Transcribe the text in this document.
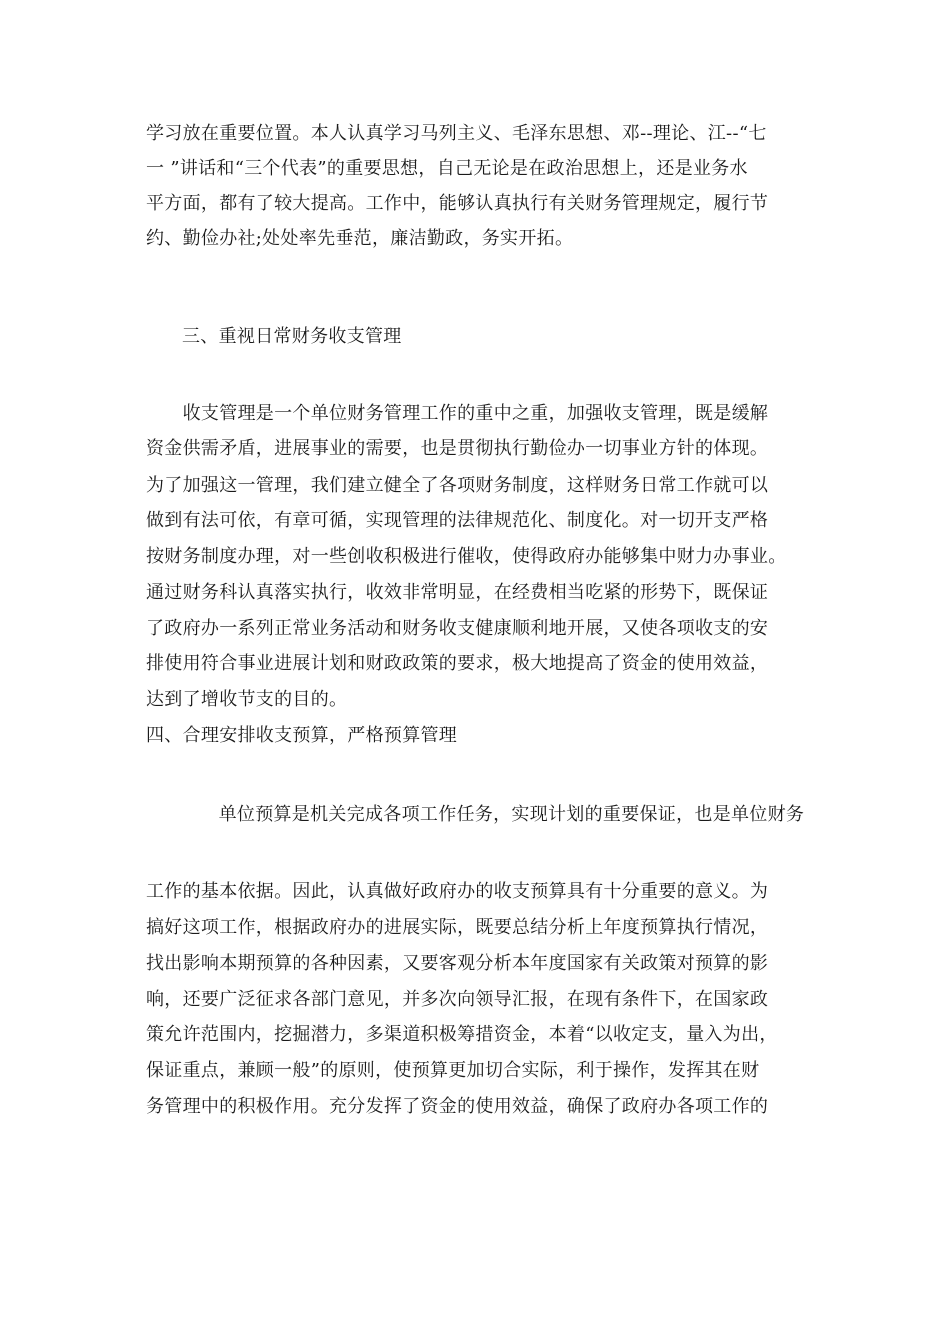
学习放在重要位置。本人认真学习马列主义、毛泽东思想、邓--理论、江--“七
一 ”讲话和“三个代表”的重要思想，自己无论是在政治思想上，还是业务水
平方面，都有了较大提高。工作中，能够认真执行有关财务管理规定，履行节
约、勤俭办社;处处率先垂范，廉洁勤政，务实开拓。
三、重视日常财务收支管理
　　收支管理是一个单位财务管理工作的重中之重，加强收支管理，既是缓解
资金供需矛盾，进展事业的需要，也是贯彻执行勤俭办一切事业方针的体现。
为了加强这一管理，我们建立健全了各项财务制度，这样财务日常工作就可以
做到有法可依，有章可循，实现管理的法律规范化、制度化。对一切开支严格
按财务制度办理，对一些创收积极进行催收，使得政府办能够集中财力办事业。
通过财务科认真落实执行，收效非常明显，在经费相当吃紧的形势下，既保证
了政府办一系列正常业务活动和财务收支健康顺利地开展，又使各项收支的安
排使用符合事业进展计划和财政政策的要求，极大地提高了资金的使用效益，
达到了增收节支的目的。
四、合理安排收支预算，严格预算管理
　　单位预算是机关完成各项工作任务，实现计划的重要保证，也是单位财务
工作的基本依据。因此，认真做好政府办的收支预算具有十分重要的意义。为
搞好这项工作，根据政府办的进展实际，既要总结分析上年度预算执行情况，
找出影响本期预算的各种因素，又要客观分析本年度国家有关政策对预算的影
响，还要广泛征求各部门意见，并多次向领导汇报，在现有条件下，在国家政
策允许范围内，挖掘潜力，多渠道积极筹措资金，本着“以收定支，量入为出，
保证重点，兼顾一般”的原则，使预算更加切合实际，利于操作，发挥其在财
务管理中的积极作用。充分发挥了资金的使用效益，确保了政府办各项工作的
